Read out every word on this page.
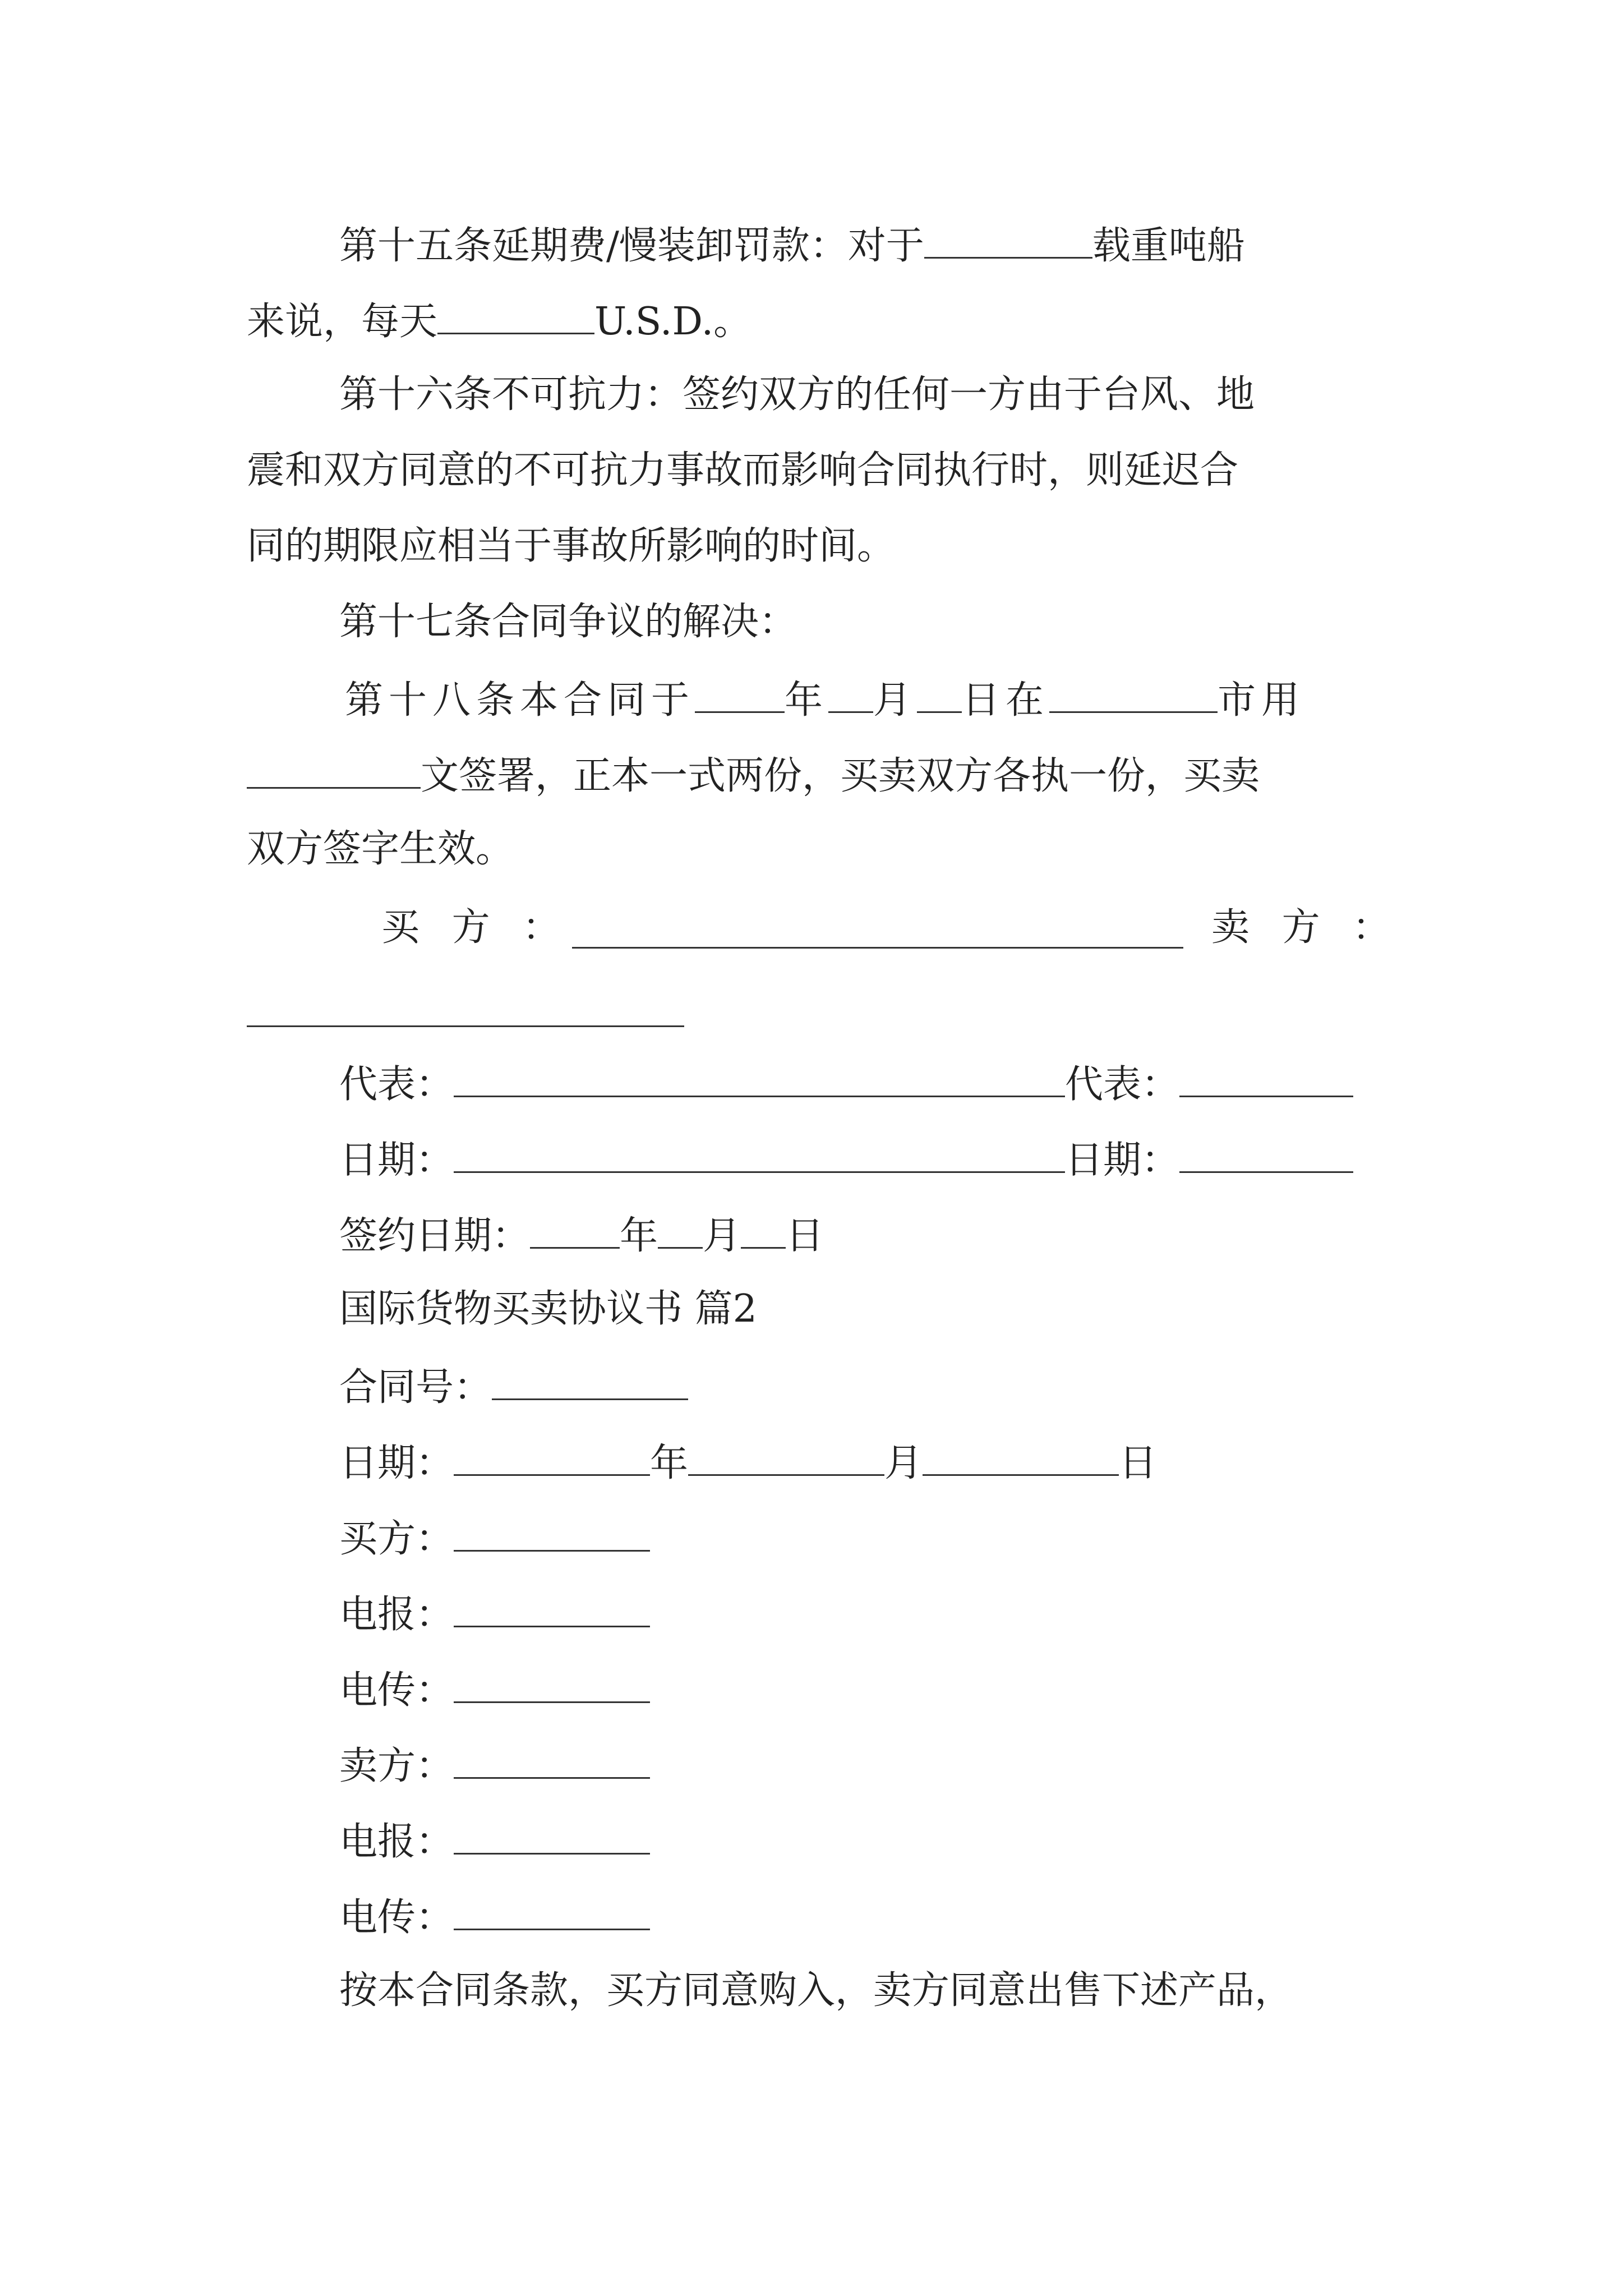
第十五条延期费/慢装卸罚款：对于	载重吨船
来说，每天	U.S.D.。
第十六条不可抗力：签约双方的任何一方由于台风、地
震和双方同意的不可抗力事故而影响合同执行时，则延迟合
同的期限应相当于事故所影响的时间。
第十七条合同争议的解决：
第十八条本合同于 年 月 日在	市用
文签署，正本一式两份，买卖双方各执一份，买卖
双方签字生效。
买 方 ：	卖 方 ：
代表：	代表：
日期：	日期：
签约日期： 年 月 日
国际货物买卖协议书 篇2
合同号：
日期：	年	月	日
买方：
电报：
电传：
卖方：
电报：
电传：
按本合同条款，买方同意购入，卖方同意出售下述产品，
